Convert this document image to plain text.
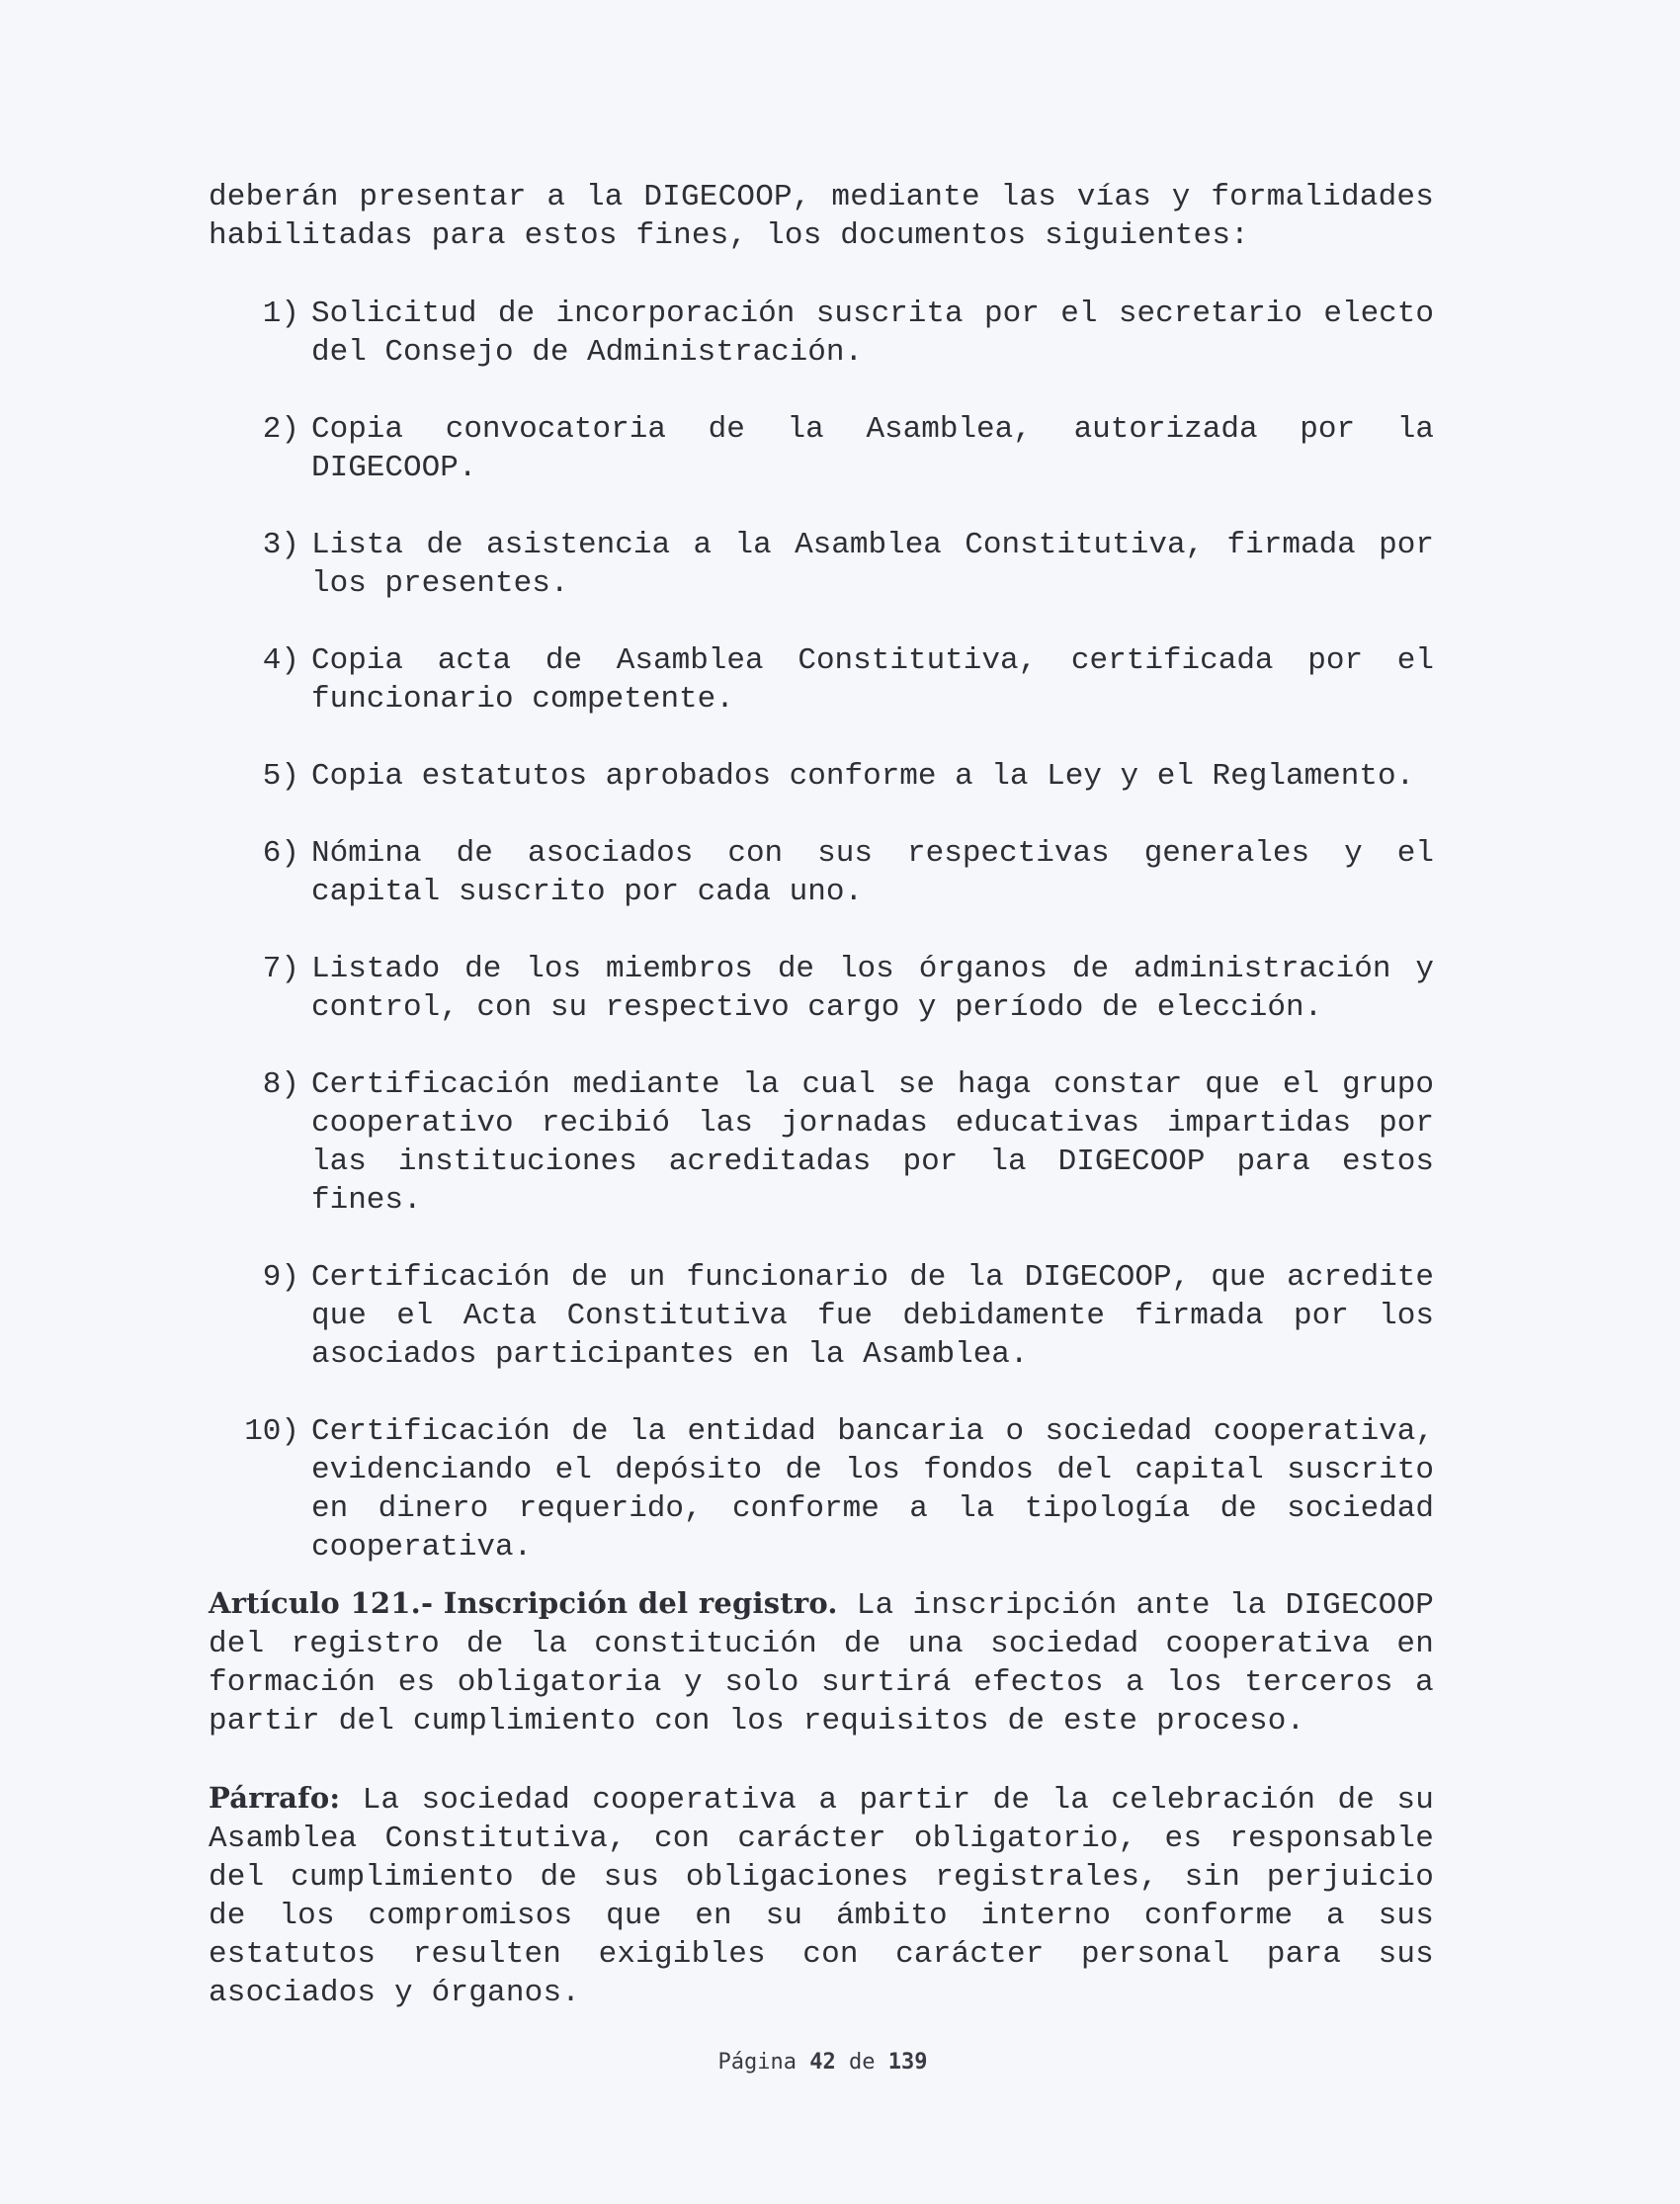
deberán presentar a la DIGECOOP, mediante las vías y formalidades habilitadas para estos fines, los documentos siguientes:

1) Solicitud de incorporación suscrita por el secretario electo del Consejo de Administración.
2) Copia convocatoria de la Asamblea, autorizada por la DIGECOOP.
3) Lista de asistencia a la Asamblea Constitutiva, firmada por los presentes.
4) Copia acta de Asamblea Constitutiva, certificada por el funcionario competente.
5) Copia estatutos aprobados conforme a la Ley y el Reglamento.
6) Nómina de asociados con sus respectivas generales y el capital suscrito por cada uno.
7) Listado de los miembros de los órganos de administración y control, con su respectivo cargo y período de elección.
8) Certificación mediante la cual se haga constar que el grupo cooperativo recibió las jornadas educativas impartidas por las instituciones acreditadas por la DIGECOOP para estos fines.
9) Certificación de un funcionario de la DIGECOOP, que acredite que el Acta Constitutiva fue debidamente firmada por los asociados participantes en la Asamblea.
10) Certificación de la entidad bancaria o sociedad cooperativa, evidenciando el depósito de los fondos del capital suscrito en dinero requerido, conforme a la tipología de sociedad cooperativa.

Artículo 121.- Inscripción del registro. La inscripción ante la DIGECOOP del registro de la constitución de una sociedad cooperativa en formación es obligatoria y solo surtirá efectos a los terceros a partir del cumplimiento con los requisitos de este proceso.

Párrafo: La sociedad cooperativa a partir de la celebración de su Asamblea Constitutiva, con carácter obligatorio, es responsable del cumplimiento de sus obligaciones registrales, sin perjuicio de los compromisos que en su ámbito interno conforme a sus estatutos resulten exigibles con carácter personal para sus asociados y órganos.

Página 42 de 139
